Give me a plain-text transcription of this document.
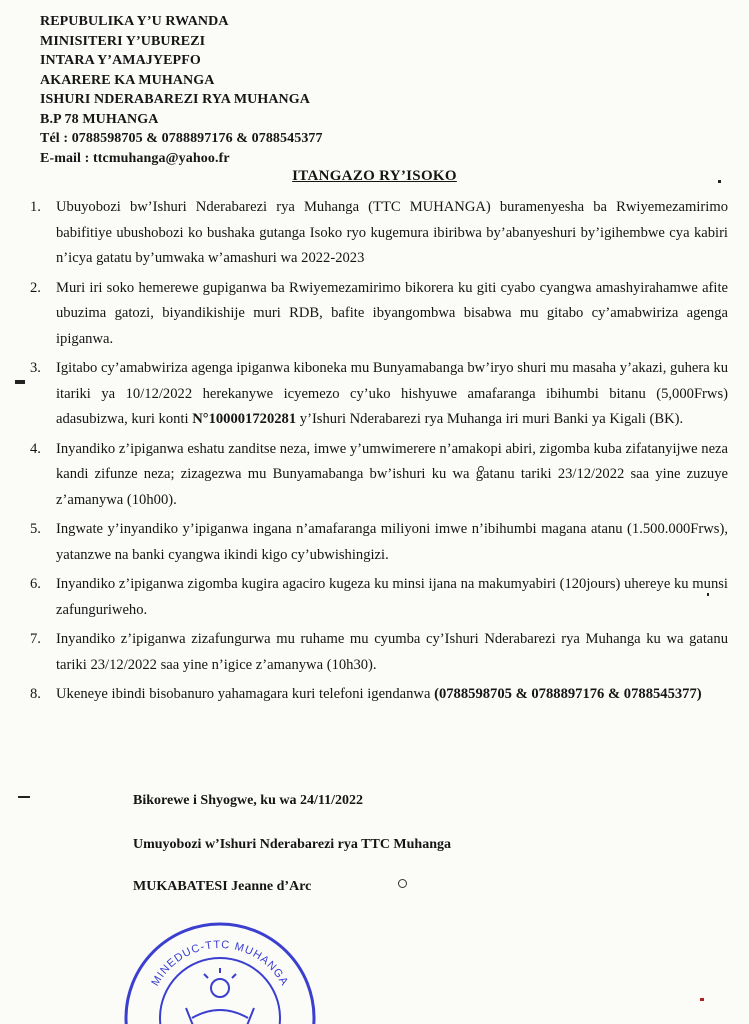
REPUBULIKA Y’U RWANDA
MINISITERI Y’UBUREZI
INTARA Y’AMAJYEPFO
AKARERE KA MUHANGA
ISHURI NDERABAREZI RYA MUHANGA
B.P 78 MUHANGA
Tél : 0788598705 & 0788897176 & 0788545377
E-mail : ttcmuhanga@yahoo.fr
ITANGAZO RY’ISOKO
1.	Ubuyobozi bw’Ishuri Nderabarezi rya Muhanga (TTC MUHANGA) buramenyesha ba Rwiyemezamirimo babifitiye ubushobozi ko bushaka gutanga Isoko ryo kugemura ibiribwa by’abanyeshuri by’igihembwe cya kabiri n’icya gatatu by’umwaka w’amashuri wa 2022-2023
2.	Muri iri soko hemerewe gupiganwa ba Rwiyemezamirimo bikorera ku giti cyabo cyangwa amashyirahamwe afite ubuzima gatozi, biyandikishije muri RDB, bafite ibyangombwa bisabwa mu gitabo cy’amabwiriza agenga ipiganwa.
3.	Igitabo cy’amabwiriza agenga ipiganwa kiboneka mu Bunyamabanga bw’iryo shuri mu masaha y’akazi, guhera ku itariki ya 10/12/2022 herekanywe icyemezo cy’uko hishyuwe amafaranga ibihumbi bitanu (5,000Frws) adasubizwa, kuri konti N°100001720281 y’Ishuri Nderabarezi rya Muhanga iri muri Banki ya Kigali (BK).
4.	Inyandiko z’ipiganwa eshatu zanditse neza, imwe y’umwimerere n’amakopi abiri, zigomba kuba zifatanyijwe neza kandi zifunze neza; zizagezwa mu Bunyamabanga bw’ishuri ku wa gatanu tariki 23/12/2022 saa yine zuzuye z’amanywa (10h00).
5.	Ingwate y’inyandiko y’ipiganwa ingana n’amafaranga miliyoni imwe n’ibihumbi magana atanu (1.500.000Frws), yatanzwe na banki cyangwa ikindi kigo cy’ubwishingizi.
6.	Inyandiko z’ipiganwa zigomba kugira agaciro kugeza ku minsi ijana na makumyabiri (120jours) uhereye ku munsi zafunguriweho.
7.	Inyandiko z’ipiganwa zizafungurwa mu ruhame mu cyumba cy’Ishuri Nderabarezi rya Muhanga ku wa gatanu tariki 23/12/2022 saa yine n’igice z’amanywa (10h30).
8.	Ukeneye ibindi bisobanuro yahamagara kuri telefoni igendanwa (0788598705 & 0788897176 & 0788545377)
Bikorewe i Shyogwe, ku wa 24/11/2022
Umuyobozi w’Ishuri Nderabarezi rya TTC Muhanga
MUKABATESI Jeanne d’Arc
MINEDUC-TTC MUHANGA
